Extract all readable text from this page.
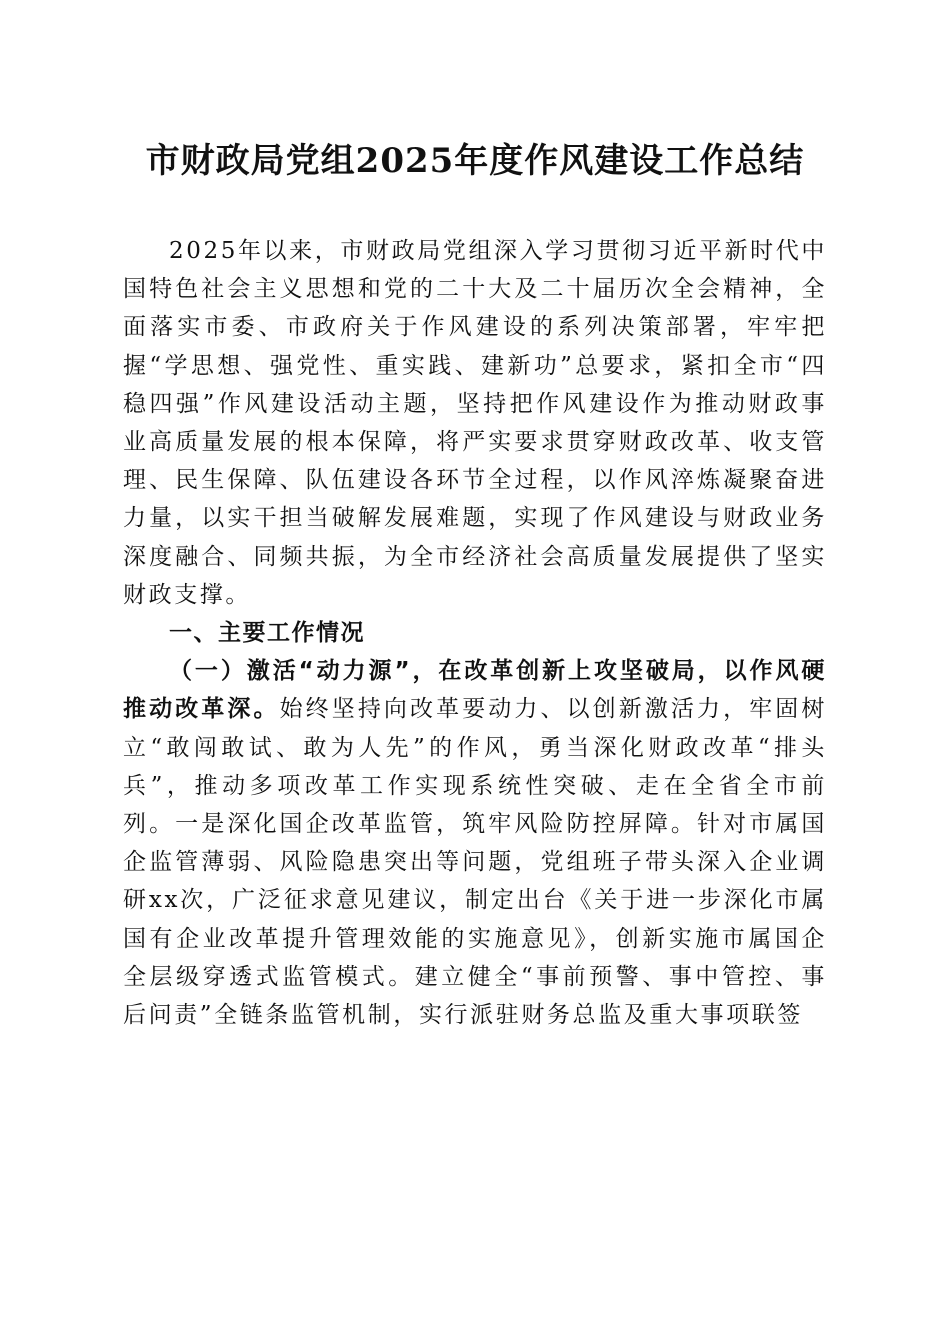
市财政局党组2025年度作风建设工作总结

2025年以来，市财政局党组深入学习贯彻习近平新时代中国特色社会主义思想和党的二十大及二十届历次全会精神，全面落实市委、市政府关于作风建设的系列决策部署，牢牢把握“学思想、强党性、重实践、建新功”总要求，紧扣全市“四稳四强”作风建设活动主题，坚持把作风建设作为推动财政事业高质量发展的根本保障，将严实要求贯穿财政改革、收支管理、民生保障、队伍建设各环节全过程，以作风淬炼凝聚奋进力量，以实干担当破解发展难题，实现了作风建设与财政业务深度融合、同频共振，为全市经济社会高质量发展提供了坚实财政支撑。

一、主要工作情况

（一）激活“动力源”，在改革创新上攻坚破局，以作风硬推动改革深。始终坚持向改革要动力、以创新激活力，牢固树立“敢闯敢试、敢为人先”的作风，勇当深化财政改革“排头兵”，推动多项改革工作实现系统性突破、走在全省全市前列。一是深化国企改革监管，筑牢风险防控屏障。针对市属国企监管薄弱、风险隐患突出等问题，党组班子带头深入企业调研xx次，广泛征求意见建议，制定出台《关于进一步深化市属国有企业改革提升管理效能的实施意见》，创新实施市属国企全层级穿透式监管模式。建立健全“事前预警、事中管控、事后问责”全链条监管机制，实行派驻财务总监及重大事项联签
